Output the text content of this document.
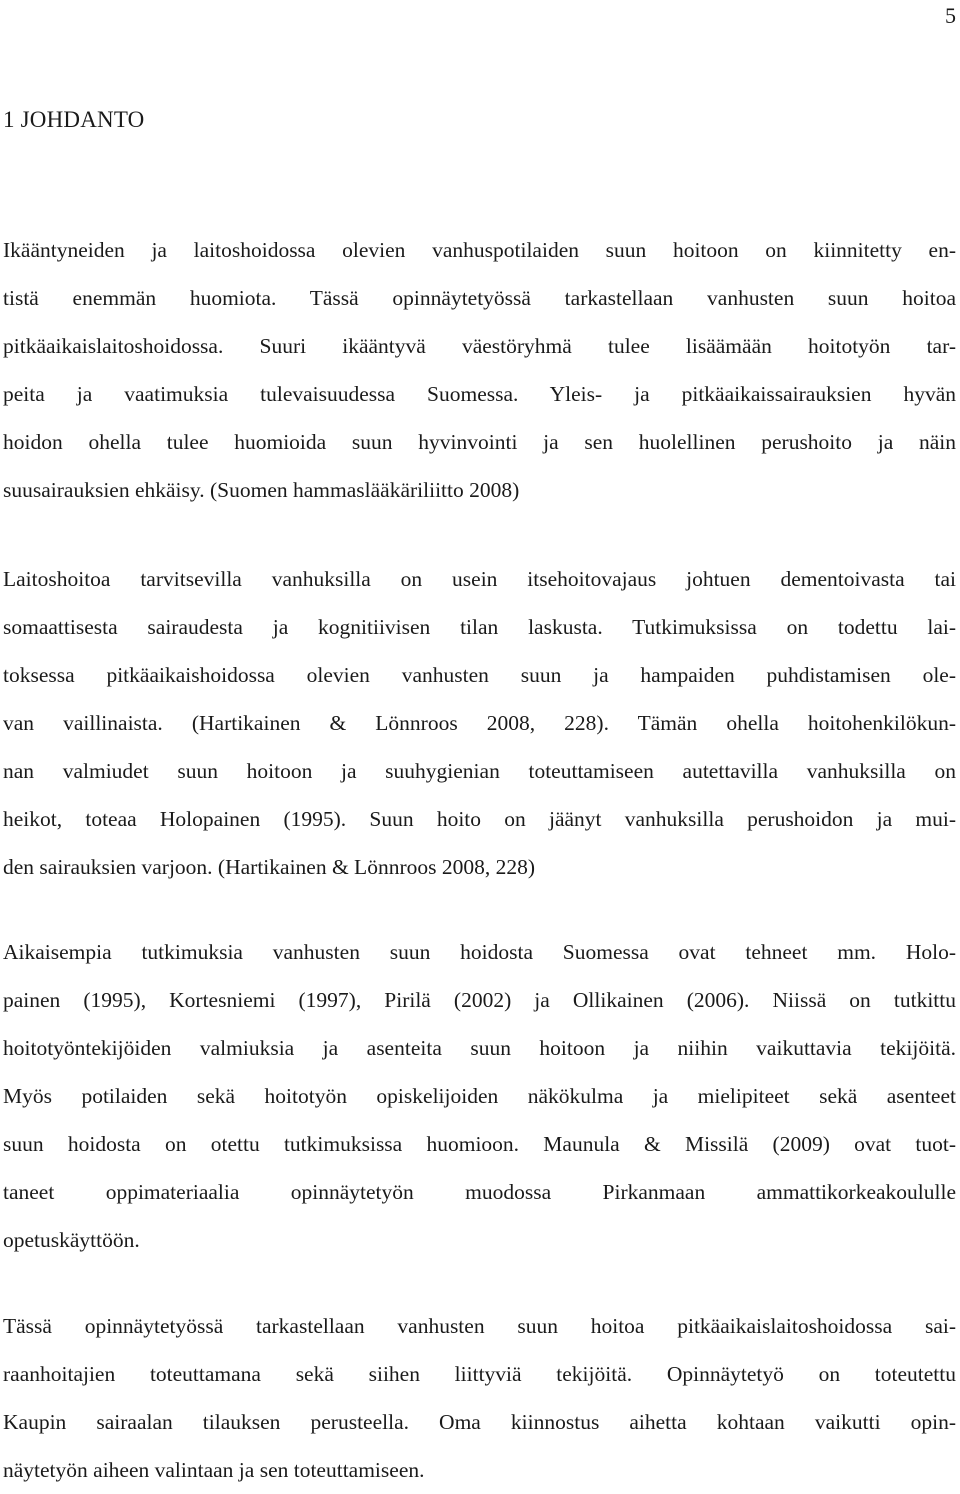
5
1 JOHDANTO
Ikääntyneiden ja laitoshoidossa olevien vanhuspotilaiden suun hoitoon on kiinnitetty en-
tistä enemmän huomiota. Tässä opinnäytetyössä tarkastellaan vanhusten suun hoitoa
pitkäaikaislaitoshoidossa. Suuri ikääntyvä väestöryhmä tulee lisäämään hoitotyön tar-
peita ja vaatimuksia tulevaisuudessa Suomessa. Yleis- ja pitkäaikaissairauksien hyvän
hoidon ohella tulee huomioida suun hyvinvointi ja sen huolellinen perushoito ja näin
suusairauksien ehkäisy. (Suomen hammaslääkäriliitto 2008)
Laitoshoitoa tarvitsevilla vanhuksilla on usein itsehoitovajaus johtuen dementoivasta tai
somaattisesta sairaudesta ja kognitiivisen tilan laskusta. Tutkimuksissa on todettu lai-
toksessa pitkäaikaishoidossa olevien vanhusten suun ja hampaiden puhdistamisen ole-
van vaillinaista. (Hartikainen & Lönnroos 2008, 228). Tämän ohella hoitohenkilökun-
nan valmiudet suun hoitoon ja suuhygienian toteuttamiseen autettavilla vanhuksilla on
heikot, toteaa Holopainen (1995). Suun hoito on jäänyt vanhuksilla perushoidon ja mui-
den sairauksien varjoon. (Hartikainen & Lönnroos 2008, 228)
Aikaisempia tutkimuksia vanhusten suun hoidosta Suomessa ovat tehneet mm. Holo-
painen (1995), Kortesniemi (1997), Pirilä (2002) ja Ollikainen (2006). Niissä on tutkittu
hoitotyöntekijöiden valmiuksia ja asenteita suun hoitoon ja niihin vaikuttavia tekijöitä.
Myös potilaiden sekä hoitotyön opiskelijoiden näkökulma ja mielipiteet sekä asenteet
suun hoidosta on otettu tutkimuksissa huomioon. Maunula & Missilä (2009) ovat tuot-
taneet oppimateriaalia opinnäytetyön muodossa Pirkanmaan ammattikorkeakoululle
opetuskäyttöön.
Tässä opinnäytetyössä tarkastellaan vanhusten suun hoitoa pitkäaikaislaitoshoidossa sai-
raanhoitajien toteuttamana sekä siihen liittyviä tekijöitä. Opinnäytetyö on toteutettu
Kaupin sairaalan tilauksen perusteella. Oma kiinnostus aihetta kohtaan vaikutti opin-
näytetyön aiheen valintaan ja sen toteuttamiseen.
